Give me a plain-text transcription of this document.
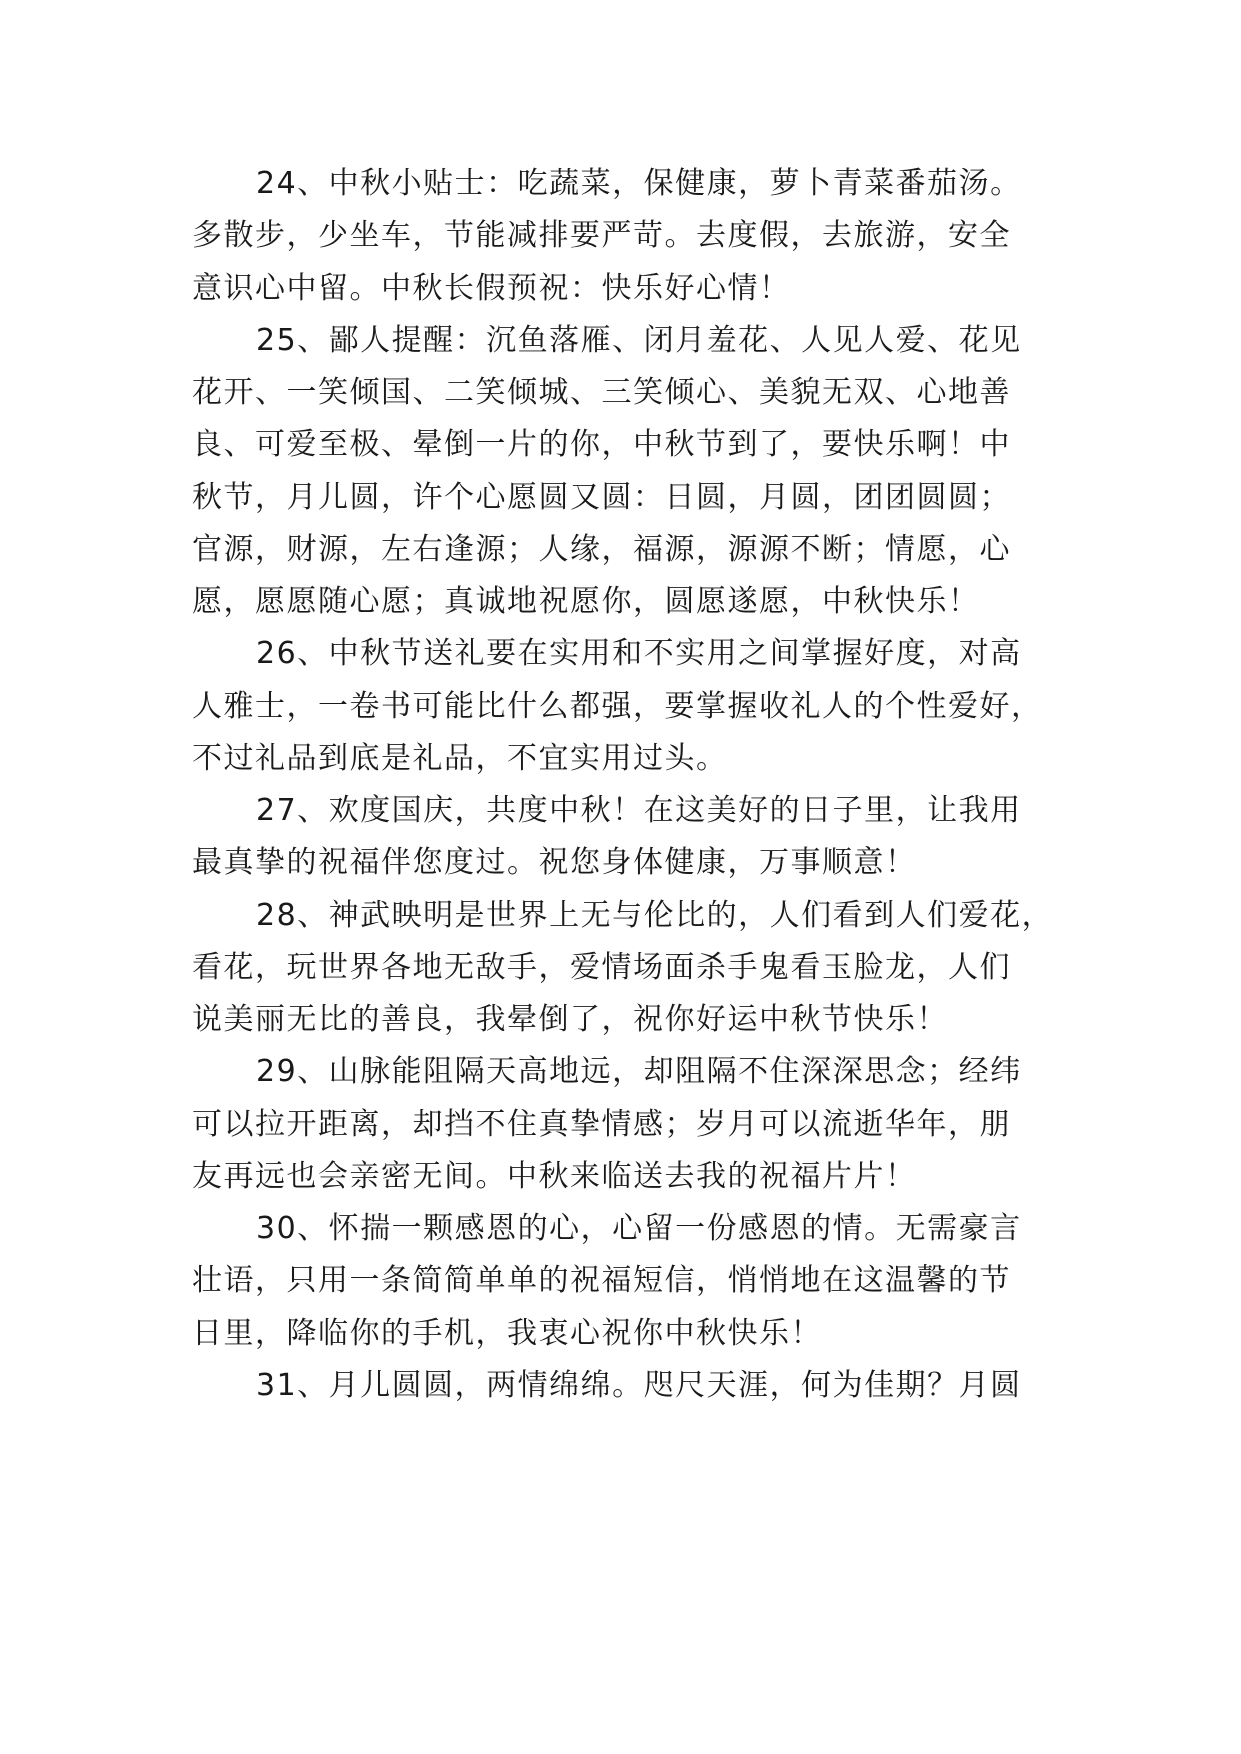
24、中秋小贴士：吃蔬菜，保健康，萝卜青菜番茄汤。
多散步，少坐车，节能减排要严苛。去度假，去旅游，安全
意识心中留。中秋长假预祝：快乐好心情！
25、鄙人提醒：沉鱼落雁、闭月羞花、人见人爱、花见
花开、一笑倾国、二笑倾城、三笑倾心、美貌无双、心地善
良、可爱至极、晕倒一片的你，中秋节到了，要快乐啊！中
秋节，月儿圆，许个心愿圆又圆：日圆，月圆，团团圆圆；
官源，财源，左右逢源；人缘，福源，源源不断；情愿，心
愿，愿愿随心愿；真诚地祝愿你，圆愿遂愿，中秋快乐！
26、中秋节送礼要在实用和不实用之间掌握好度，对高
人雅士，一卷书可能比什么都强，要掌握收礼人的个性爱好，
不过礼品到底是礼品，不宜实用过头。
27、欢度国庆，共度中秋！在这美好的日子里，让我用
最真挚的祝福伴您度过。祝您身体健康，万事顺意！
28、神武映明是世界上无与伦比的，人们看到人们爱花，
看花，玩世界各地无敌手，爱情场面杀手鬼看玉脸龙，人们
说美丽无比的善良，我晕倒了，祝你好运中秋节快乐！
29、山脉能阻隔天高地远，却阻隔不住深深思念；经纬
可以拉开距离，却挡不住真挚情感；岁月可以流逝华年，朋
友再远也会亲密无间。中秋来临送去我的祝福片片！
30、怀揣一颗感恩的心，心留一份感恩的情。无需豪言
壮语，只用一条简简单单的祝福短信，悄悄地在这温馨的节
日里，降临你的手机，我衷心祝你中秋快乐！
31、月儿圆圆，两情绵绵。咫尺天涯，何为佳期？月圆
